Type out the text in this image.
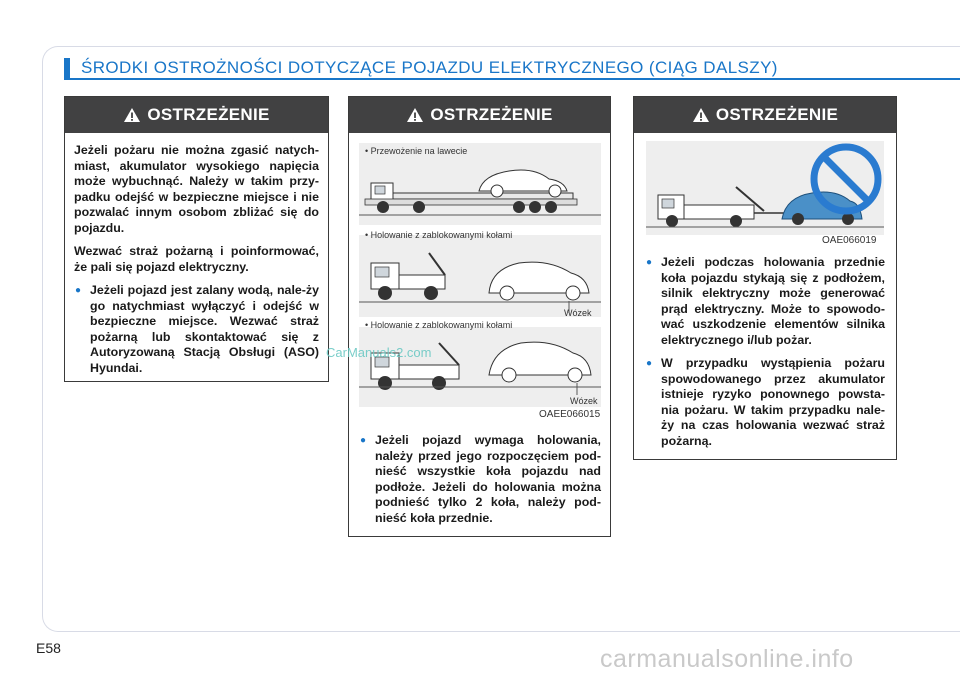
ŚRODKI OSTROŻNOŚCI DOTYCZĄCE POJAZDU ELEKTRYCZNEGO (CIĄG DALSZY)
OSTRZEŻENIE

Jeżeli pożaru nie można zgasić natych-miast, akumulator wysokiego napięcia może wybuchnąć. Należy w takim przy-padku odejść w bezpieczne miejsce i nie pozwalać innym osobom zbliżać się do pojazdu.

Wezwać straż pożarną i poinformować, że pali się pojazd elektryczny.

● Jeżeli pojazd jest zalany wodą, nale-ży go natychmiast wyłączyć i odejść w bezpieczne miejsce. Wezwać straż pożarną lub skontaktować się z Autoryzowaną Stacją Obsługi (ASO) Hyundai.

OSTRZEŻENIE
• Przewożenie na lawecie
• Holowanie z zablokowanymi kołami
• Holowanie z zablokowanymi kołami
Wózek
Wózek
OAEE066015

● Jeżeli pojazd wymaga holowania, należy przed jego rozpoczęciem pod-nieść wszystkie koła pojazdu nad podłoże. Jeżeli do holowania można podnieść tylko 2 koła, należy pod-nieść koła przednie.

OSTRZEŻENIE
OAE066019

● Jeżeli podczas holowania przednie koła pojazdu stykają się z podłożem, silnik elektryczny może generować prąd elektryczny. Może to spowodo-wać uszkodzenie elementów silnika elektrycznego i/lub pożar.

● W przypadku wystąpienia pożaru spowodowanego przez akumulator istnieje ryzyko ponownego powsta-nia pożaru. W takim przypadku nale-ży na czas holowania wezwać straż pożarną.

CarManuals2.com
E58	carmanualsonline.info
